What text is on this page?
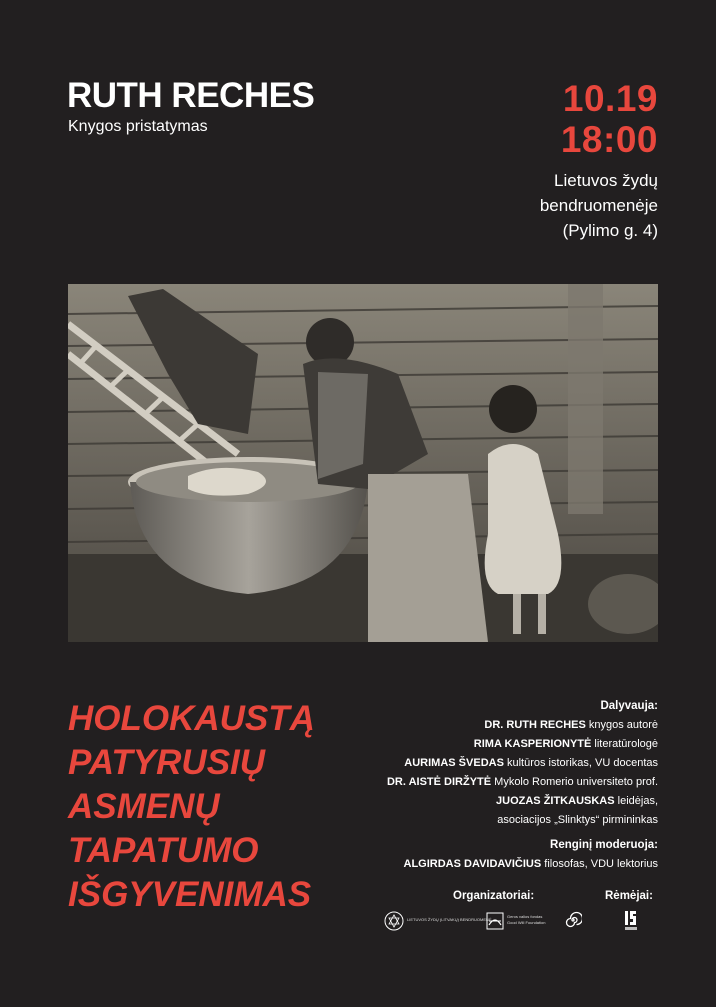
RUTH RECHES
Knygos pristatymas
10.19
18:00
Lietuvos žydų
bendruomenėje
(Pylimo g. 4)
HOLOKAUSTĄ
PATYRUSIŲ
ASMENŲ
TAPATUMO
IŠGYVENIMAS
Dalyvauja:
DR. RUTH RECHES knygos autorė
RIMA KASPERIONYTĖ literatūrologė
AURIMAS ŠVEDAS kultūros istorikas, VU docentas
DR. AISTĖ DIRŽYTĖ Mykolo Romerio universiteto prof.
JUOZAS ŽITKAUSKAS leidėjas,
asociacijos „Slinktys“ pirmininkas
Renginį moderuoja:
ALGIRDAS DAVIDAVIČIUS filosofas, VDU lektorius
Organizatoriai:	Rėmėjai:
LIETUVOS ŽYDŲ (LITVAKŲ) BENDRUOMENĖ
Geros valios fondas
Good Will Foundation
